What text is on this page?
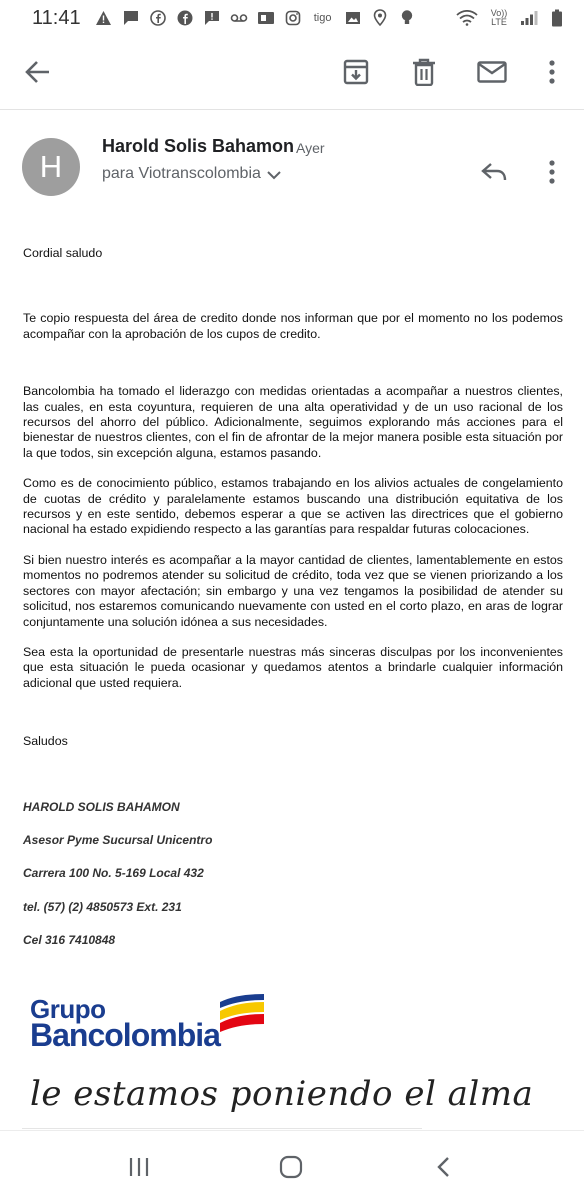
11:41	tigo	Vo)) LTE
H
Harold Solis Bahamon Ayer
para Viotranscolombia

Cordial saludo

Te copio respuesta del área de credito donde nos informan que por el momento no los podemos acompañar con la aprobación de los cupos de credito.

Bancolombia ha tomado el liderazgo con medidas orientadas a acompañar a nuestros clientes, las cuales, en esta coyuntura, requieren de una alta operatividad y de un uso racional de los recursos del ahorro del público. Adicionalmente, seguimos explorando más acciones para el bienestar de nuestros clientes, con el fin de afrontar de la mejor manera posible esta situación por la que todos, sin excepción alguna, estamos pasando.

Como es de conocimiento público, estamos trabajando en los alivios actuales de congelamiento de cuotas de crédito y paralelamente estamos buscando una distribución equitativa de los recursos y en este sentido, debemos esperar a que se activen las directrices que el gobierno nacional ha estado expidiendo respecto a las garantías para respaldar futuras colocaciones.

Si bien nuestro interés es acompañar a la mayor cantidad de clientes, lamentablemente en estos momentos no podremos atender su solicitud de crédito, toda vez que se vienen priorizando a los sectores con mayor afectación; sin embargo y una vez tengamos la posibilidad de atender su solicitud, nos estaremos comunicando nuevamente con usted en el corto plazo, en aras de lograr conjuntamente una solución idónea a sus necesidades.

Sea esta la oportunidad de presentarle nuestras más sinceras disculpas por los inconvenientes que esta situación le pueda ocasionar y quedamos atentos a brindarle cualquier información adicional que usted requiera.

Saludos

HAROLD SOLIS BAHAMON

Asesor Pyme Sucursal Unicentro

Carrera 100 No. 5-169 Local 432

tel. (57) (2) 4850573 Ext. 231

Cel 316 7410848

Grupo
Bancolombia
le estamos poniendo el alma
